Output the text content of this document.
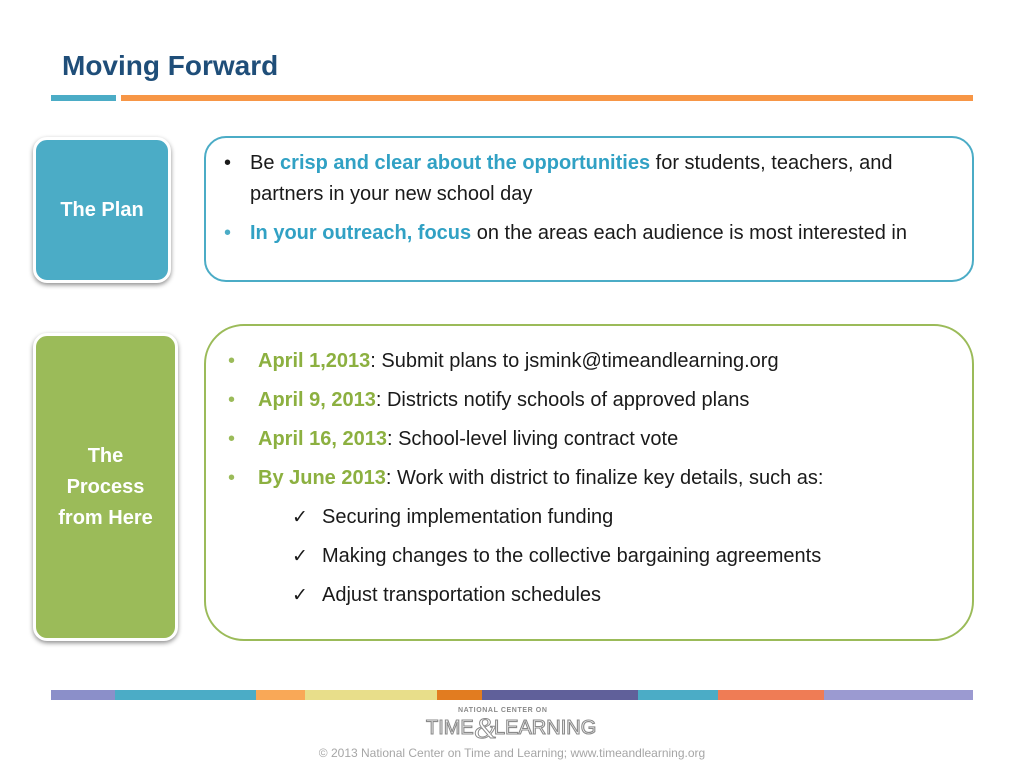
Moving Forward
The Plan
• Be crisp and clear about the opportunities for students, teachers, and partners in your new school day
• In your outreach, focus on the areas each audience is most interested in
The
Process
from Here
• April 1,2013: Submit plans to jsmink@timeandlearning.org
• April 9, 2013: Districts notify schools of approved plans
• April 16, 2013: School-level living contract vote
• By June 2013: Work with district to finalize key details, such as:
✓ Securing implementation funding
✓ Making changes to the collective bargaining agreements
✓ Adjust transportation schedules
NATIONAL CENTER ON
TIME &
LEARNING
© 2013 National Center on Time and Learning; www.timeandlearning.org
